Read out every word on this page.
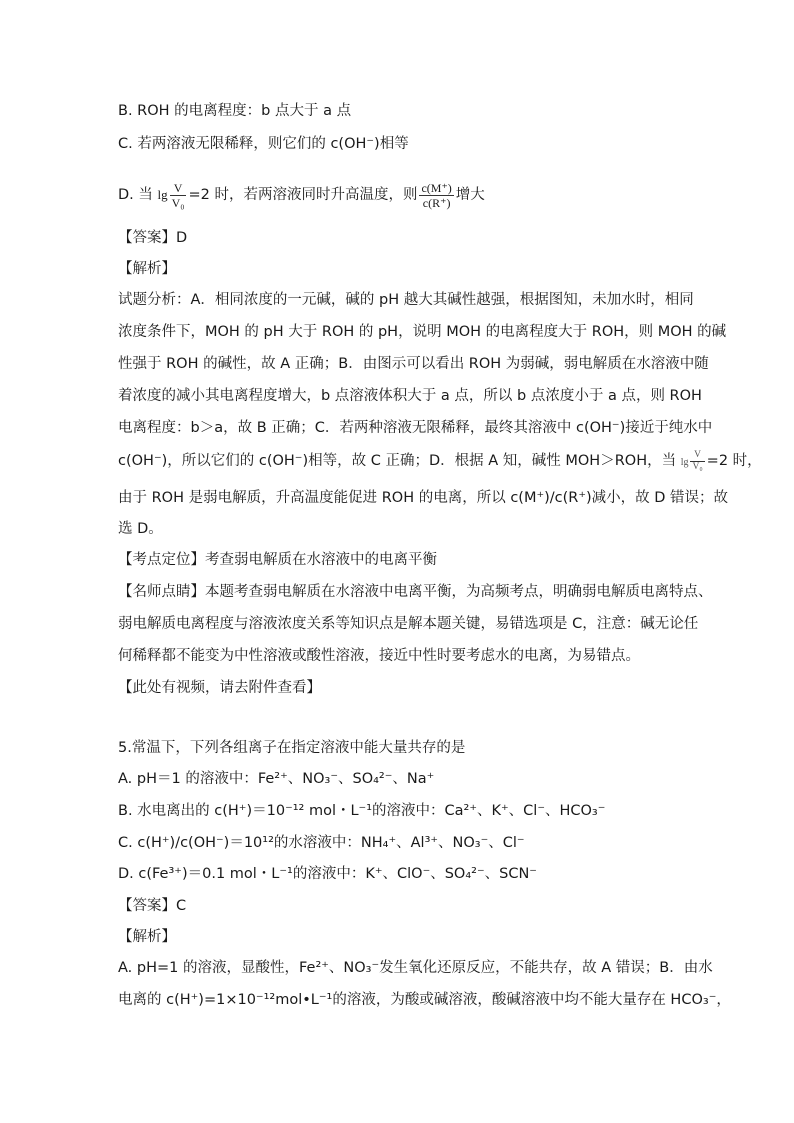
B. ROH 的电离程度：b 点大于 a 点
C. 若两溶液无限稀释，则它们的 c(OH⁻)相等
D. 当 $\lg \frac{V}{\text{V₀}} =2$ 时，若两溶液同时升高温度，则 $\frac{c(M^+)}{c(R^+)}$ 增大
【答案】D
【解析】
试题分析：A．相同浓度的一元碱，碱的 pH 越大其碱性越强，根据图知，未加水时，相同
浓度条件下，MOH 的 pH 大于 ROH 的 pH，说明 MOH 的电离程度大于 ROH，则 MOH 的碱
性强于 ROH 的碱性，故 A 正确；B．由图示可以看出 ROH 为弱碱，弱电解质在水溶液中随
着浓度的减小其电离程度增大，b 点溶液体积大于 a 点，所以 b 点浓度小于 a 点，则 ROH
电离程度：b＞a，故 B 正确；C．若两种溶液无限稀释，最终其溶液中 c(OH⁻)接近于纯水中
c(OH⁻)，所以它们的 c(OH⁻)相等，故 C 正确；D．根据 A 知，碱性 MOH＞ROH，当 $\lg \frac{V}{\text{V₀}} =2$ 时，
由于 ROH 是弱电解质，升高温度能促进 ROH 的电离，所以 c(M⁺)/c(R⁺)减小，故 D 错误；故
选 D。
【考点定位】考查弱电解质在水溶液中的电离平衡
【名师点睛】本题考查弱电解质在水溶液中电离平衡，为高频考点，明确弱电解质电离特点、
弱电解质电离程度与溶液浓度关系等知识点是解本题关键，易错选项是 C，注意：碱无论任
何稀释都不能变为中性溶液或酸性溶液，接近中性时要考虑水的电离，为易错点。
【此处有视频，请去附件查看】
5.常温下，下列各组离子在指定溶液中能大量共存的是
A. pH＝1 的溶液中：Fe²⁺、NO₃⁻、SO₄²⁻、Na⁺
B. 水电离出的 c(H⁺)＝10⁻¹² mol・L⁻¹的溶液中：Ca²⁺、K⁺、Cl⁻、HCO₃⁻
C. c(H⁺)/c(OH⁻)＝10¹²的水溶液中：NH₄⁺、Al³⁺、NO₃⁻、Cl⁻
D. c(Fe³⁺)＝0.1 mol・L⁻¹的溶液中：K⁺、ClO⁻、SO₄²⁻、SCN⁻
【答案】C
【解析】
A. pH=1 的溶液，显酸性，Fe²⁺、NO₃⁻发生氧化还原反应，不能共存，故 A 错误；B．由水
电离的 c(H⁺)=1×10⁻¹²mol•L⁻¹的溶液，为酸或碱溶液，酸碱溶液中均不能大量存在 HCO₃⁻，
